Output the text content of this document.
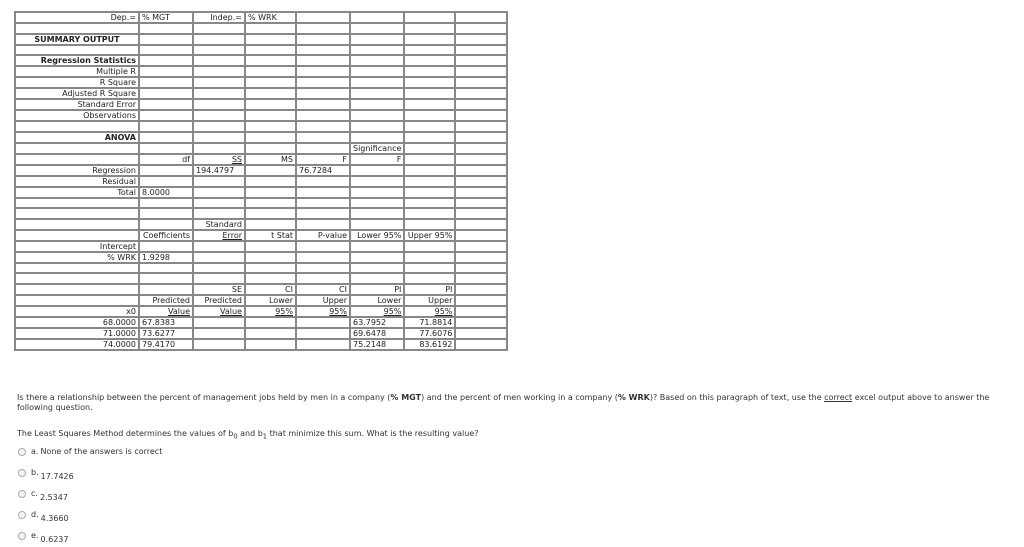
Dep.=	% MGT	Indep.=	% WRK				

SUMMARY OUTPUT							

Regression Statistics							
Multiple R							
R Square							
Adjusted R Square							
Standard Error							
Observations							

ANOVA							
					Significance		
	df	SS	MS	F	F		
Regression		194.4797		76.7284			
Residual							
Total	8.0000						

		Standard					
	Coefficients	Error	t Stat	P-value	Lower 95%	Upper 95%	
Intercept							
% WRK	1.9298						

		SE	CI	CI	PI	PI	
	Predicted	Predicted	Lower	Upper	Lower	Upper	
x0	Value	Value	95%	95%	95%	95%	
68.0000	67.8383				63.7952	71.8814	
71.0000	73.6277				69.6478	77.6076	
74.0000	79.4170				75.2148	83.6192	
Is there a relationship between the percent of management jobs held by men in a company (% MGT) and the percent of men working in a company (% WRK)? Based on this paragraph of text, use the correct excel output above to answer the following question.
The Least Squares Method determines the values of $b_0$ and $b_1$ that minimize this sum. What is the resulting value?
a. None of the answers is correct
b. 17.7426
c. 2.5347
d. 4.3660
e. 0.6237
